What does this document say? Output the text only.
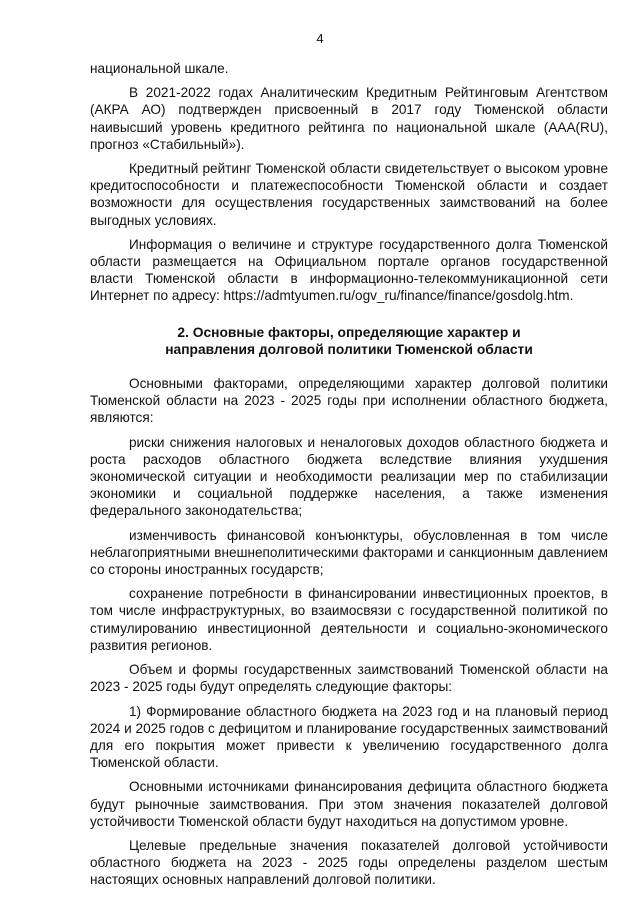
4

национальной шкале.

В 2021-2022 годах Аналитическим Кредитным Рейтинговым Агентством (АКРА АО) подтвержден присвоенный в 2017 году Тюменской области наивысший уровень кредитного рейтинга по национальной шкале (AAA(RU), прогноз «Стабильный»).

Кредитный рейтинг Тюменской области свидетельствует о высоком уровне кредитоспособности и платежеспособности Тюменской области и создает возможности для осуществления государственных заимствований на более выгодных условиях.

Информация о величине и структуре государственного долга Тюменской области размещается на Официальном портале органов государственной власти Тюменской области в информационно-телекоммуникационной сети Интернет по адресу: https://admtyumen.ru/ogv_ru/finance/finance/gosdolg.htm.

2. Основные факторы, определяющие характер и
направления долговой политики Тюменской области

Основными факторами, определяющими характер долговой политики Тюменской области на 2023 - 2025 годы при исполнении областного бюджета, являются:

риски снижения налоговых и неналоговых доходов областного бюджета и роста расходов областного бюджета вследствие влияния ухудшения экономической ситуации и необходимости реализации мер по стабилизации экономики и социальной поддержке населения, а также изменения федерального законодательства;

изменчивость финансовой конъюнктуры, обусловленная в том числе неблагоприятными внешнеполитическими факторами и санкционным давлением со стороны иностранных государств;

сохранение потребности в финансировании инвестиционных проектов, в том числе инфраструктурных, во взаимосвязи с государственной политикой по стимулированию инвестиционной деятельности и социально-экономического развития регионов.

Объем и формы государственных заимствований Тюменской области на 2023 - 2025 годы будут определять следующие факторы:

1) Формирование областного бюджета на 2023 год и на плановый период 2024 и 2025 годов с дефицитом и планирование государственных заимствований для его покрытия может привести к увеличению государственного долга Тюменской области.

Основными источниками финансирования дефицита областного бюджета будут рыночные заимствования. При этом значения показателей долговой устойчивости Тюменской области будут находиться на допустимом уровне.

Целевые предельные значения показателей долговой устойчивости областного бюджета на 2023 - 2025 годы определены разделом шестым настоящих основных направлений долговой политики.
